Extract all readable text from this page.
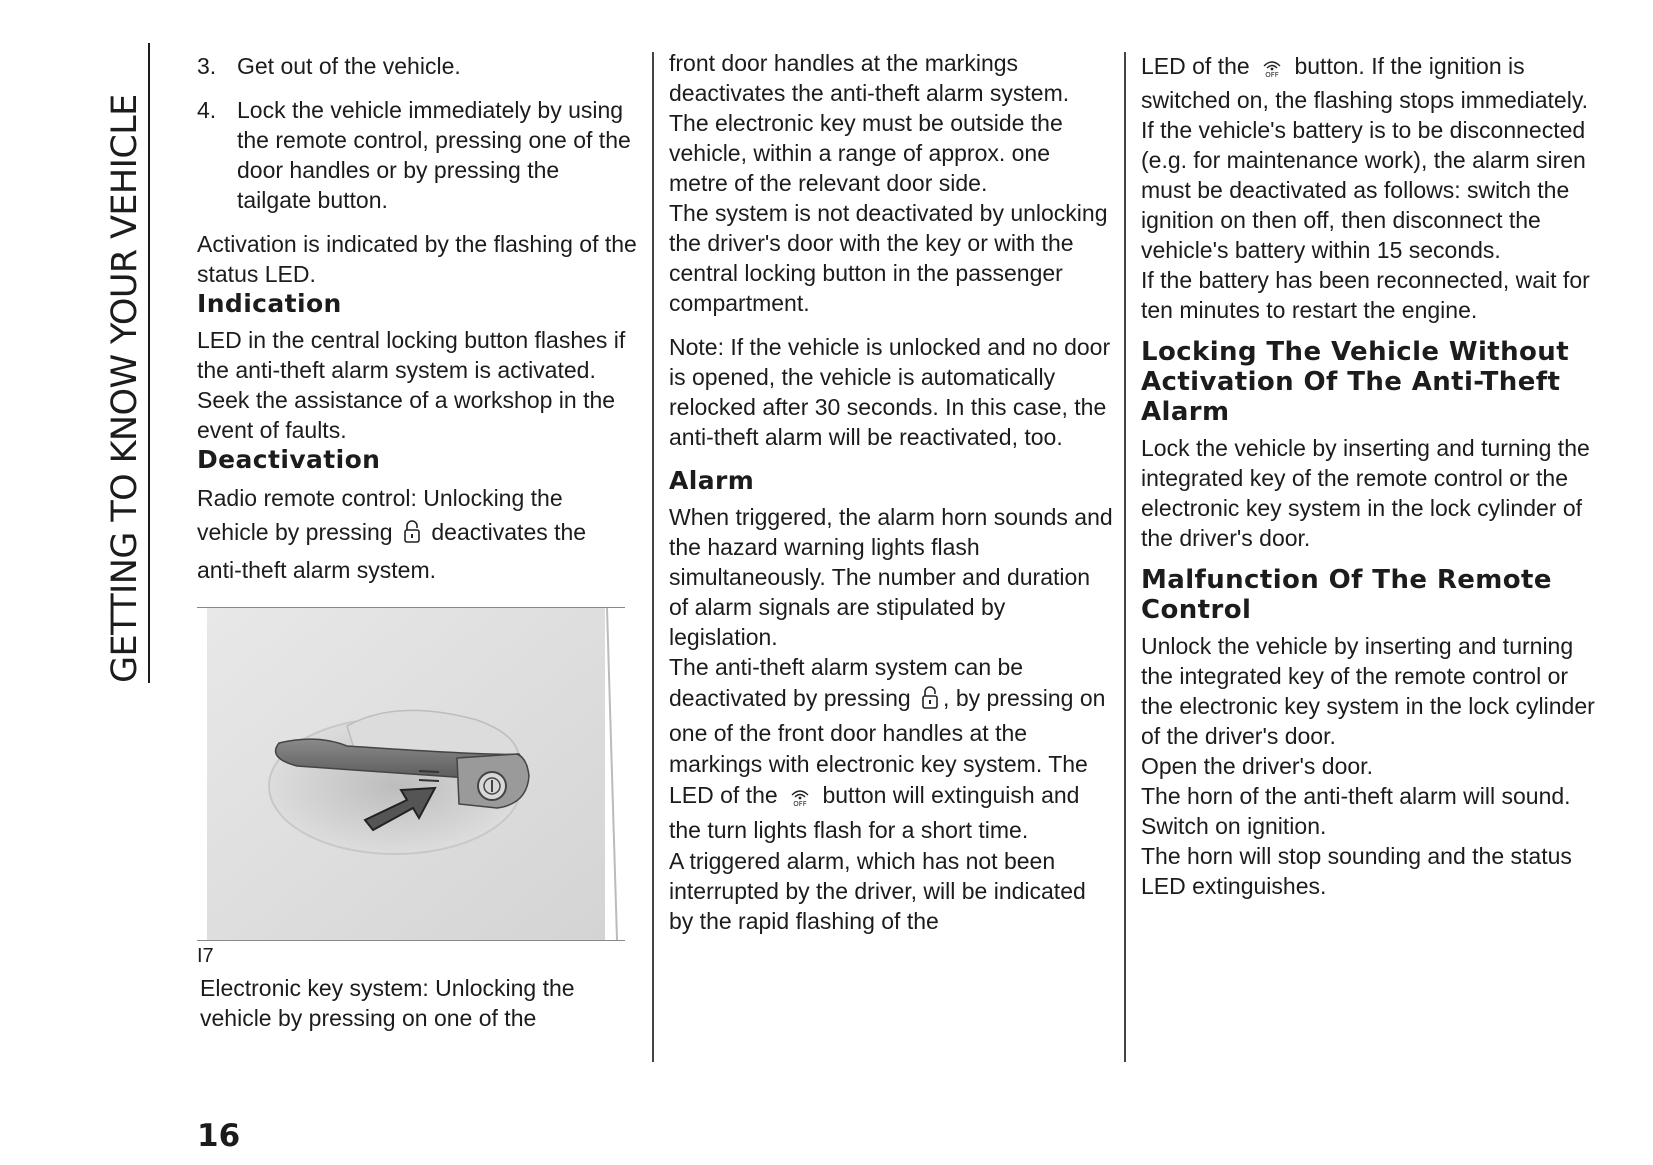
GETTING TO KNOW YOUR VEHICLE
3. Get out of the vehicle.
4. Lock the vehicle immediately by using the remote control, pressing one of the door handles or by pressing the tailgate button.

Activation is indicated by the flashing of the status LED.

Indication

LED in the central locking button flashes if the anti-theft alarm system is activated.

Seek the assistance of a workshop in the event of faults.

Deactivation

Radio remote control: Unlocking the vehicle by pressing deactivates the anti-theft alarm system.

I7

Electronic key system: Unlocking the vehicle by pressing on one of the

front door handles at the markings deactivates the anti-theft alarm system. The electronic key must be outside the vehicle, within a range of approx. one metre of the relevant door side.

The system is not deactivated by unlocking the driver's door with the key or with the central locking button in the passenger compartment.

Note: If the vehicle is unlocked and no door is opened, the vehicle is automatically relocked after 30 seconds. In this case, the anti-theft alarm will be reactivated, too.

Alarm

When triggered, the alarm horn sounds and the hazard warning lights flash simultaneously. The number and duration of alarm signals are stipulated by legislation.

The anti-theft alarm system can be deactivated by pressing , by pressing on one of the front door handles at the markings with electronic key system. The LED of the OFF button will extinguish and the turn lights flash for a short time.

A triggered alarm, which has not been interrupted by the driver, will be indicated by the rapid flashing of the

LED of the OFF button. If the ignition is switched on, the flashing stops immediately.

If the vehicle's battery is to be disconnected (e.g. for maintenance work), the alarm siren must be deactivated as follows: switch the ignition on then off, then disconnect the vehicle's battery within 15 seconds.

If the battery has been reconnected, wait for ten minutes to restart the engine.

Locking The Vehicle Without Activation Of The Anti-Theft Alarm

Lock the vehicle by inserting and turning the integrated key of the remote control or the electronic key system in the lock cylinder of the driver's door.

Malfunction Of The Remote Control

Unlock the vehicle by inserting and turning the integrated key of the remote control or the electronic key system in the lock cylinder of the driver's door.

Open the driver's door.

The horn of the anti-theft alarm will sound.

Switch on ignition.

The horn will stop sounding and the status LED extinguishes.

16
